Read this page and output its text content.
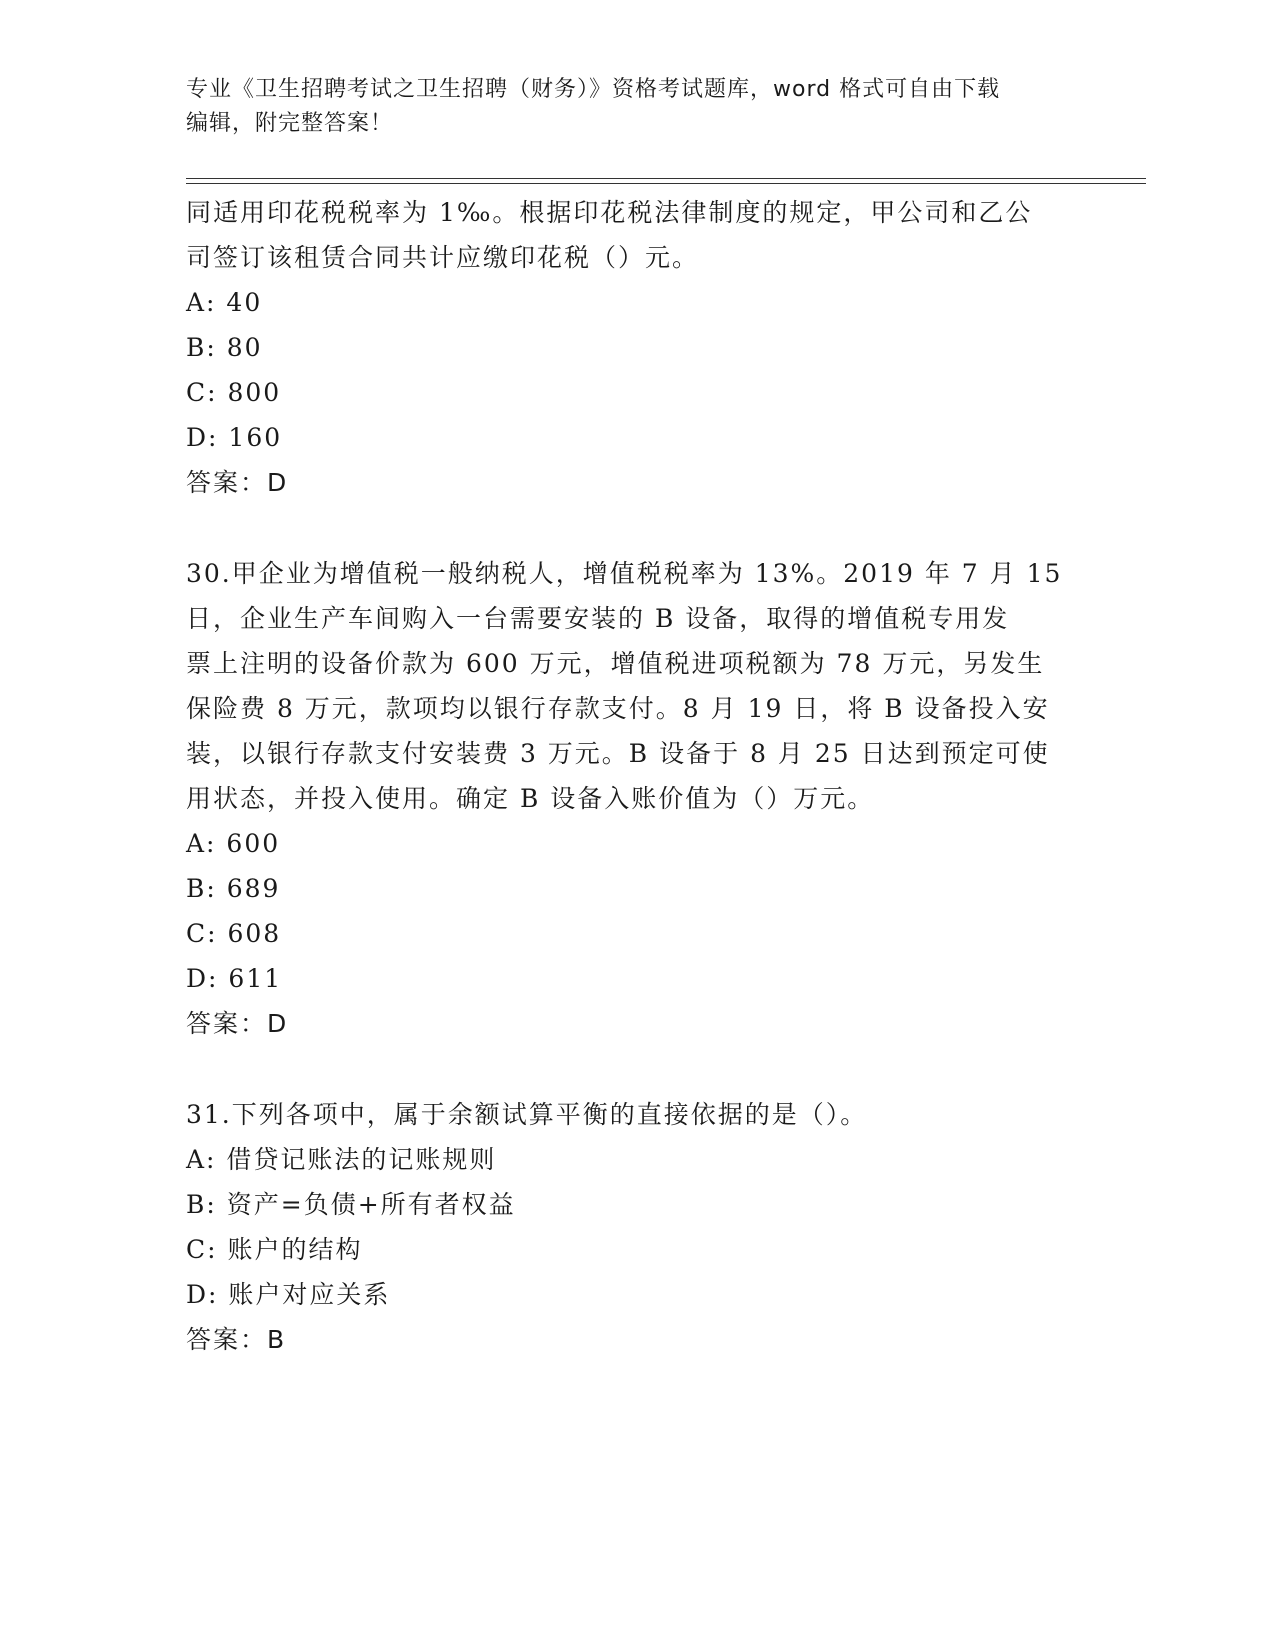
专业《卫生招聘考试之卫生招聘（财务）》资格考试题库，word 格式可自由下载
编辑，附完整答案！

同适用印花税税率为 1‰。根据印花税法律制度的规定，甲公司和乙公

司签订该租赁合同共计应缴印花税（）元。

A: 40

B: 80

C: 800

D: 160

答案：D

30.甲企业为增值税一般纳税人，增值税税率为 13%。2019 年 7 月 15

日，企业生产车间购入一台需要安装的 B 设备，取得的增值税专用发

票上注明的设备价款为 600 万元，增值税进项税额为 78 万元，另发生

保险费 8 万元，款项均以银行存款支付。8 月 19 日，将 B 设备投入安

装，以银行存款支付安装费 3 万元。B 设备于 8 月 25 日达到预定可使

用状态，并投入使用。确定 B 设备入账价值为（）万元。

A: 600

B: 689

C: 608

D: 611

答案：D

31.下列各项中，属于余额试算平衡的直接依据的是（）。

A: 借贷记账法的记账规则

B: 资产=负债+所有者权益

C: 账户的结构

D: 账户对应关系

答案：B
